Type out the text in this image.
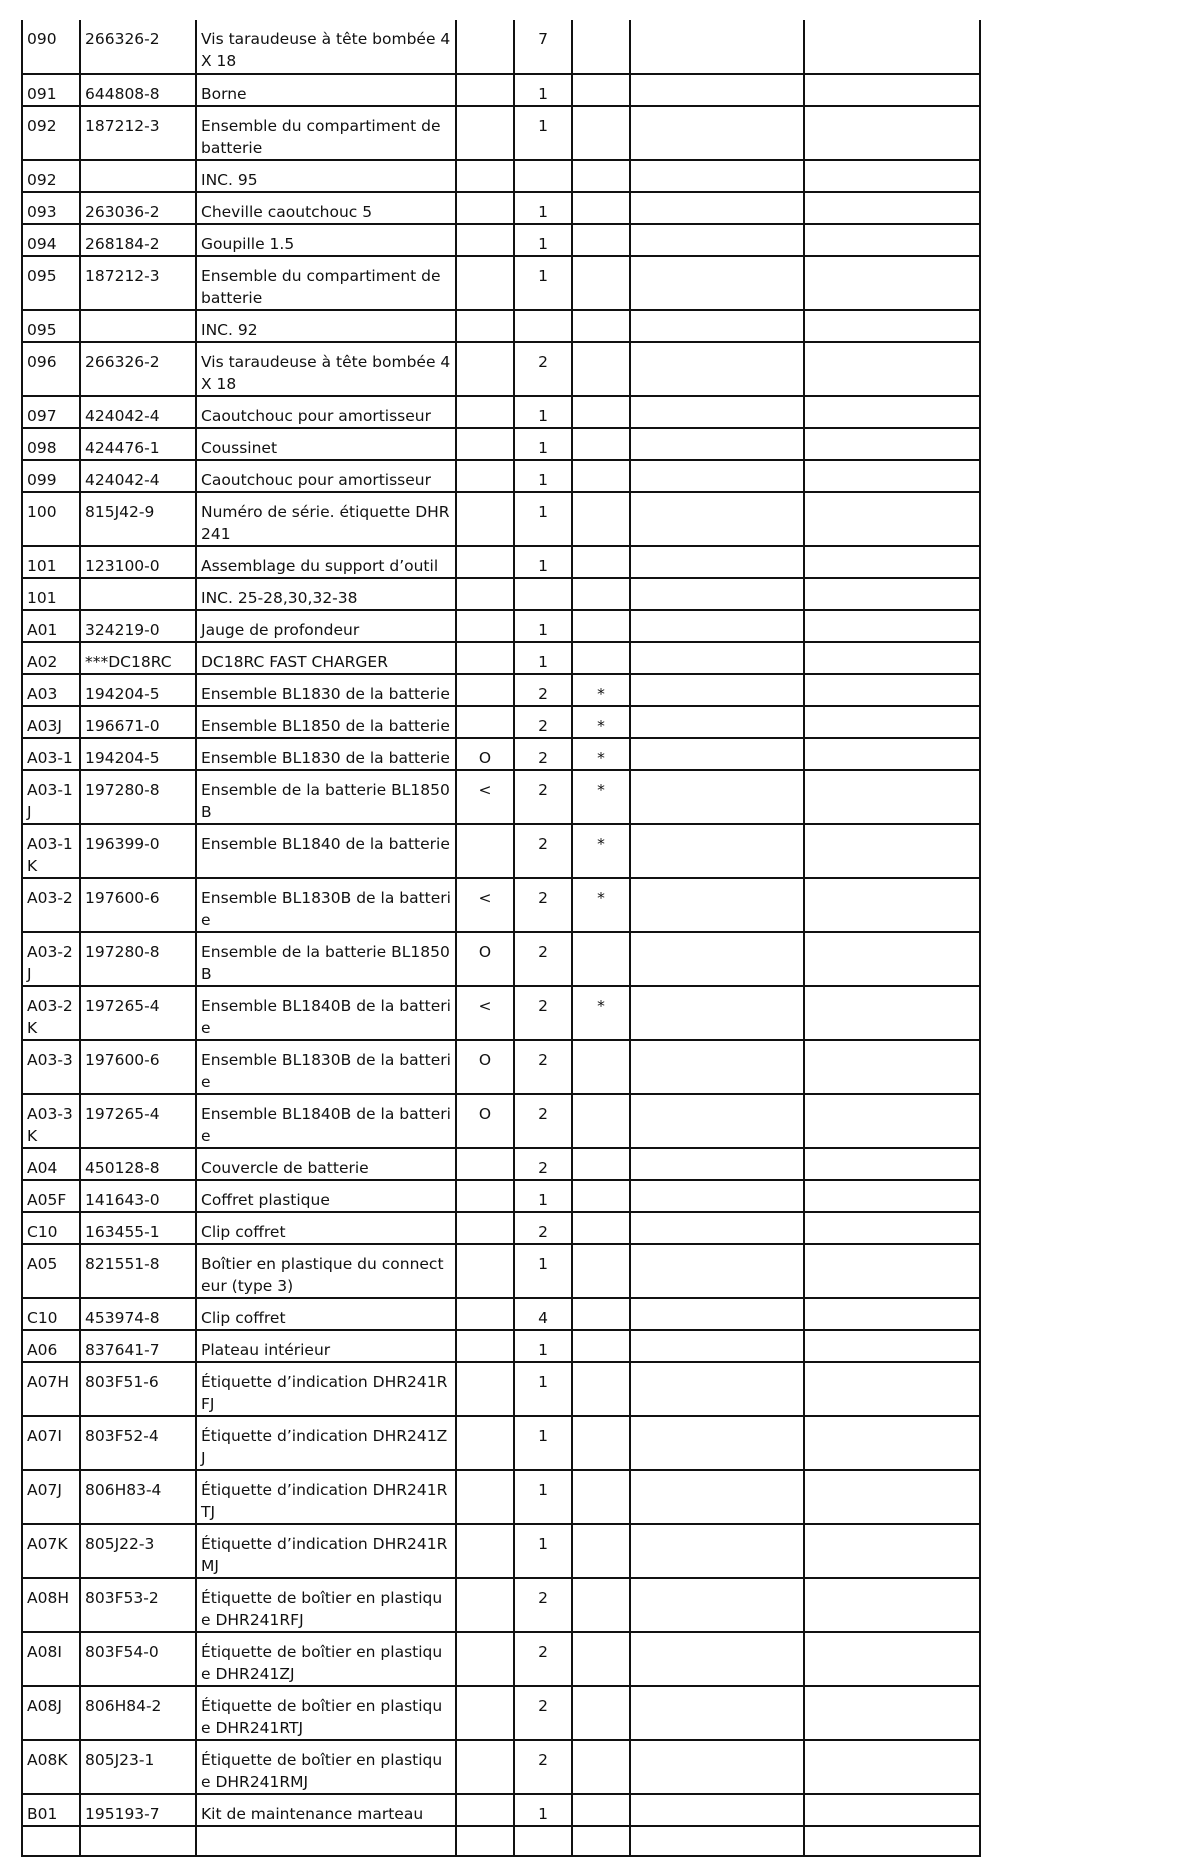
090	266326-2	Vis taraudeuse à tête bombée 4X 18		7			
091	644808-8	Borne		1			
092	187212-3	Ensemble du compartiment de batterie		1			
092		INC. 95					
093	263036-2	Cheville caoutchouc 5		1			
094	268184-2	Goupille 1.5		1			
095	187212-3	Ensemble du compartiment de batterie		1			
095		INC. 92					
096	266326-2	Vis taraudeuse à tête bombée 4X 18		2			
097	424042-4	Caoutchouc pour amortisseur		1			
098	424476-1	Coussinet		1			
099	424042-4	Caoutchouc pour amortisseur		1			
100	815J42-9	Numéro de série. étiquette DHR 241		1			
101	123100-0	Assemblage du support d’outil		1			
101		INC. 25-28,30,32-38					
A01	324219-0	Jauge de profondeur		1			
A02	***DC18RC	DC18RC FAST CHARGER		1			
A03	194204-5	Ensemble BL1830 de la batterie		2	*		
A03J	196671-0	Ensemble BL1850 de la batterie		2	*		
A03-1	194204-5	Ensemble BL1830 de la batterie	O	2	*		
A03-1J	197280-8	Ensemble de la batterie BL1850B	<	2	*		
A03-1K	196399-0	Ensemble BL1840 de la batterie		2	*		
A03-2	197600-6	Ensemble BL1830B de la batterie	<	2	*		
A03-2J	197280-8	Ensemble de la batterie BL1850B	O	2			
A03-2K	197265-4	Ensemble BL1840B de la batterie	<	2	*		
A03-3	197600-6	Ensemble BL1830B de la batterie	O	2			
A03-3K	197265-4	Ensemble BL1840B de la batterie	O	2			
A04	450128-8	Couvercle de batterie		2			
A05F	141643-0	Coffret plastique		1			
C10	163455-1	Clip coffret		2			
A05	821551-8	Boîtier en plastique du connecteur (type 3)		1			
C10	453974-8	Clip coffret		4			
A06	837641-7	Plateau intérieur		1			
A07H	803F51-6	Étiquette d’indication DHR241RFJ		1			
A07I	803F52-4	Étiquette d’indication DHR241ZJ		1			
A07J	806H83-4	Étiquette d’indication DHR241RTJ		1			
A07K	805J22-3	Étiquette d’indication DHR241RMJ		1			
A08H	803F53-2	Étiquette de boîtier en plastique DHR241RFJ		2			
A08I	803F54-0	Étiquette de boîtier en plastique DHR241ZJ		2			
A08J	806H84-2	Étiquette de boîtier en plastique DHR241RTJ		2			
A08K	805J23-1	Étiquette de boîtier en plastique DHR241RMJ		2			
B01	195193-7	Kit de maintenance marteau		1			
